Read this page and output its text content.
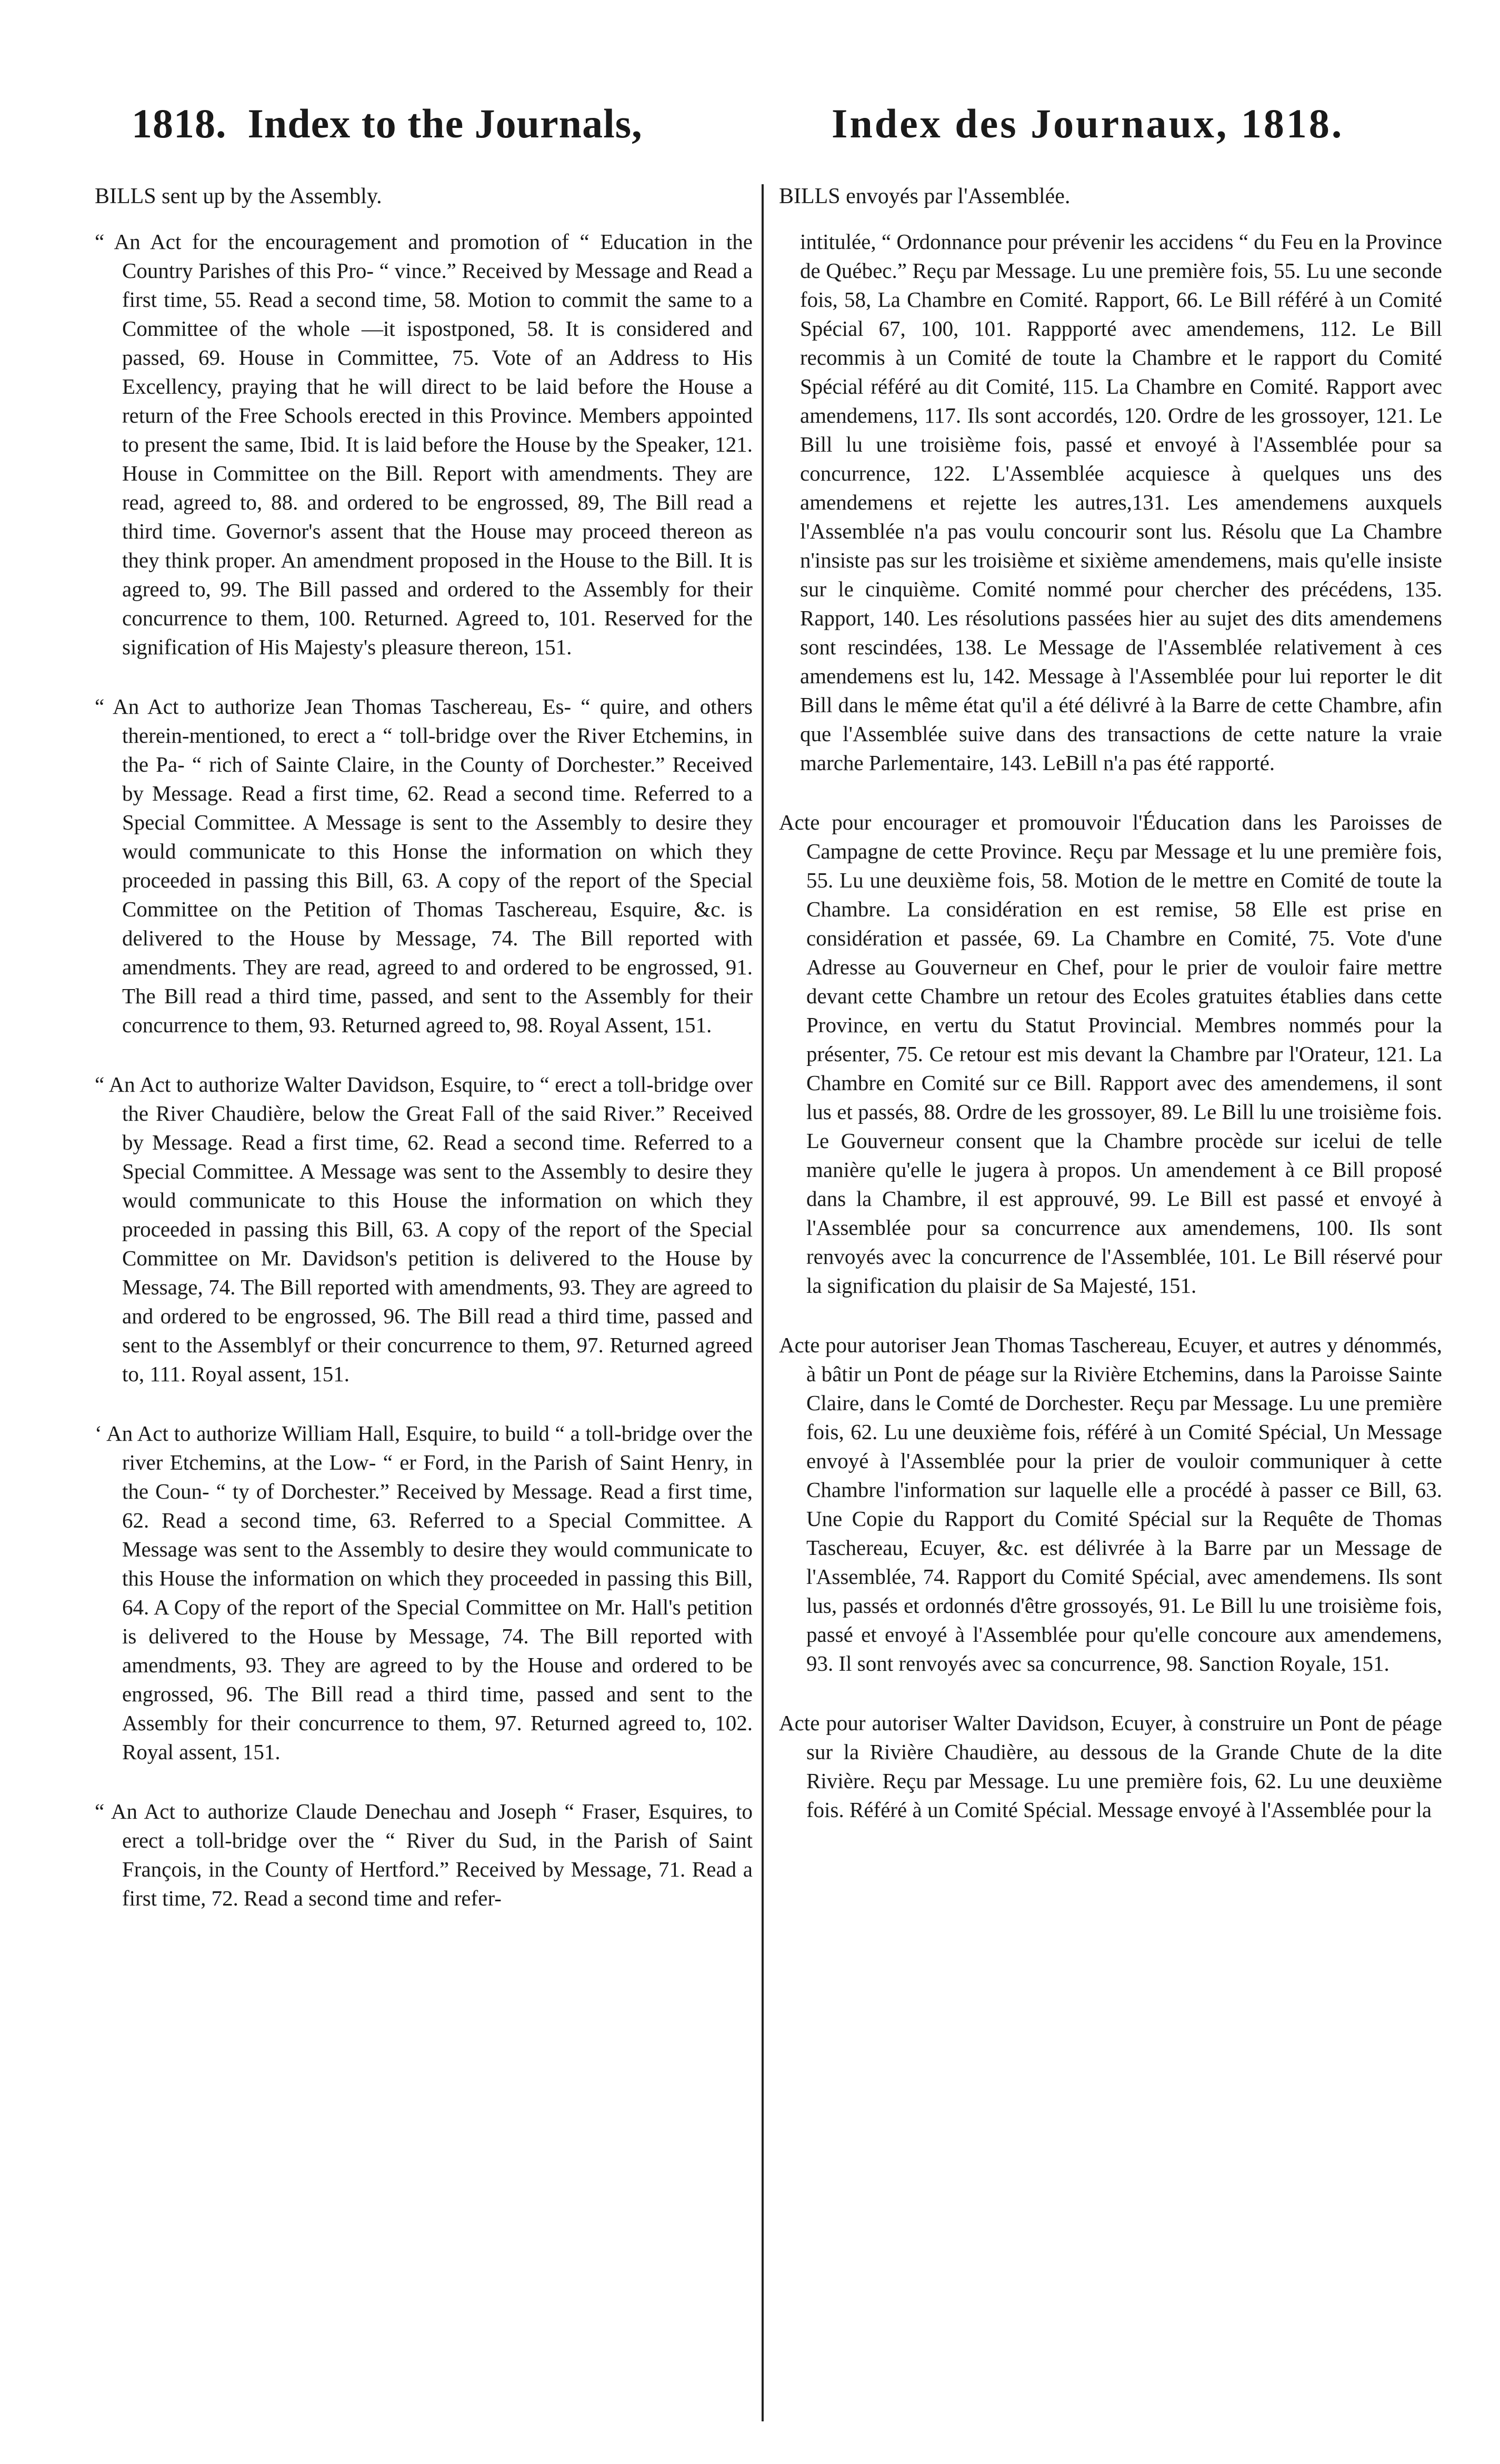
1818. Index to the Journals,	Index des Journaux, 1818.
BILLS sent up by the Assembly.

“ An Act for the encouragement and promotion of “ Education in the Country Parishes of this Pro- “ vince.” Received by Message and Read a first time, 55. Read a second time, 58. Motion to commit the same to a Committee of the whole —it ispostponed, 58. It is considered and passed, 69. House in Committee, 75. Vote of an Address to His Excellency, praying that he will direct to be laid before the House a return of the Free Schools erected in this Province. Members appointed to present the same, Ibid. It is laid before the House by the Speaker, 121. House in Committee on the Bill. Report with amendments. They are read, agreed to, 88. and ordered to be engrossed, 89, The Bill read a third time. Governor's assent that the House may proceed thereon as they think proper. An amendment proposed in the House to the Bill. It is agreed to, 99. The Bill passed and ordered to the Assembly for their concurrence to them, 100. Returned. Agreed to, 101. Reserved for the signification of His Majesty's pleasure thereon, 151.

“ An Act to authorize Jean Thomas Taschereau, Es- “ quire, and others therein-mentioned, to erect a “ toll-bridge over the River Etchemins, in the Pa- “ rich of Sainte Claire, in the County of Dorchester.” Received by Message. Read a first time, 62. Read a second time. Referred to a Special Committee. A Message is sent to the Assembly to desire they would communicate to this Honse the information on which they proceeded in passing this Bill, 63. A copy of the report of the Special Committee on the Petition of Thomas Taschereau, Esquire, &c. is delivered to the House by Message, 74. The Bill reported with amendments. They are read, agreed to and ordered to be engrossed, 91. The Bill read a third time, passed, and sent to the Assembly for their concurrence to them, 93. Returned agreed to, 98. Royal Assent, 151.

“ An Act to authorize Walter Davidson, Esquire, to “ erect a toll-bridge over the River Chaudière, below the Great Fall of the said River.” Received by Message. Read a first time, 62. Read a second time. Referred to a Special Committee. A Message was sent to the Assembly to desire they would communicate to this House the information on which they proceeded in passing this Bill, 63. A copy of the report of the Special Committee on Mr. Davidson's petition is delivered to the House by Message, 74. The Bill reported with amendments, 93. They are agreed to and ordered to be engrossed, 96. The Bill read a third time, passed and sent to the Assemblyf or their concurrence to them, 97. Returned agreed to, 111. Royal assent, 151.

‘ An Act to authorize William Hall, Esquire, to build “ a toll-bridge over the river Etchemins, at the Low- “ er Ford, in the Parish of Saint Henry, in the Coun- “ ty of Dorchester.” Received by Message. Read a first time, 62. Read a second time, 63. Referred to a Special Committee. A Message was sent to the Assembly to desire they would communicate to this House the information on which they proceeded in passing this Bill, 64. A Copy of the report of the Special Committee on Mr. Hall's petition is delivered to the House by Message, 74. The Bill reported with amendments, 93. They are agreed to by the House and ordered to be engrossed, 96. The Bill read a third time, passed and sent to the Assembly for their concurrence to them, 97. Returned agreed to, 102. Royal assent, 151.

“ An Act to authorize Claude Denechau and Joseph “ Fraser, Esquires, to erect a toll-bridge over the “ River du Sud, in the Parish of Saint François, in the County of Hertford.” Received by Message, 71. Read a first time, 72. Read a second time and refer-

BILLS envoyés par l'Assemblée.

intitulée, “ Ordonnance pour prévenir les accidens “ du Feu en la Province de Québec.” Reçu par Message. Lu une première fois, 55. Lu une seconde fois, 58, La Chambre en Comité. Rapport, 66. Le Bill référé à un Comité Spécial 67, 100, 101. Rappporté avec amendemens, 112. Le Bill recommis à un Comité de toute la Chambre et le rapport du Comité Spécial référé au dit Comité, 115. La Chambre en Comité. Rapport avec amendemens, 117. Ils sont accordés, 120. Ordre de les grossoyer, 121. Le Bill lu une troisième fois, passé et envoyé à l'Assemblée pour sa concurrence, 122. L'Assemblée acquiesce à quelques uns des amendemens et rejette les autres,131. Les amendemens auxquels l'Assemblée n'a pas voulu concourir sont lus. Résolu que La Chambre n'insiste pas sur les troisième et sixième amendemens, mais qu'elle insiste sur le cinquième. Comité nommé pour chercher des précédens, 135. Rapport, 140. Les résolutions passées hier au sujet des dits amendemens sont rescindées, 138. Le Message de l'Assemblée relativement à ces amendemens est lu, 142. Message à l'Assemblée pour lui reporter le dit Bill dans le même état qu'il a été délivré à la Barre de cette Chambre, afin que l'Assemblée suive dans des transactions de cette nature la vraie marche Parlementaire, 143. LeBill n'a pas été rapporté.

Acte pour encourager et promouvoir l'Éducation dans les Paroisses de Campagne de cette Province. Reçu par Message et lu une première fois, 55. Lu une deuxième fois, 58. Motion de le mettre en Comité de toute la Chambre. La considération en est remise, 58 Elle est prise en considération et passée, 69. La Chambre en Comité, 75. Vote d'une Adresse au Gouverneur en Chef, pour le prier de vouloir faire mettre devant cette Chambre un retour des Ecoles gratuites établies dans cette Province, en vertu du Statut Provincial. Membres nommés pour la présenter, 75. Ce retour est mis devant la Chambre par l'Orateur, 121. La Chambre en Comité sur ce Bill. Rapport avec des amendemens, il sont lus et passés, 88. Ordre de les grossoyer, 89. Le Bill lu une troisième fois. Le Gouverneur consent que la Chambre procède sur icelui de telle manière qu'elle le jugera à propos. Un amendement à ce Bill proposé dans la Chambre, il est approuvé, 99. Le Bill est passé et envoyé à l'Assemblée pour sa concurrence aux amendemens, 100. Ils sont renvoyés avec la concurrence de l'Assemblée, 101. Le Bill réservé pour la signification du plaisir de Sa Majesté, 151.

Acte pour autoriser Jean Thomas Taschereau, Ecuyer, et autres y dénommés, à bâtir un Pont de péage sur la Rivière Etchemins, dans la Paroisse Sainte Claire, dans le Comté de Dorchester. Reçu par Message. Lu une première fois, 62. Lu une deuxième fois, référé à un Comité Spécial, Un Message envoyé à l'Assemblée pour la prier de vouloir communiquer à cette Chambre l'information sur laquelle elle a procédé à passer ce Bill, 63. Une Copie du Rapport du Comité Spécial sur la Requête de Thomas Taschereau, Ecuyer, &c. est délivrée à la Barre par un Message de l'Assemblée, 74. Rapport du Comité Spécial, avec amendemens. Ils sont lus, passés et ordonnés d'être grossoyés, 91. Le Bill lu une troisième fois, passé et envoyé à l'Assemblée pour qu'elle concoure aux amendemens, 93. Il sont renvoyés avec sa concurrence, 98. Sanction Royale, 151.

Acte pour autoriser Walter Davidson, Ecuyer, à construire un Pont de péage sur la Rivière Chaudière, au dessous de la Grande Chute de la dite Rivière. Reçu par Message. Lu une première fois, 62. Lu une deuxième fois. Référé à un Comité Spécial. Message envoyé à l'Assemblée pour la
